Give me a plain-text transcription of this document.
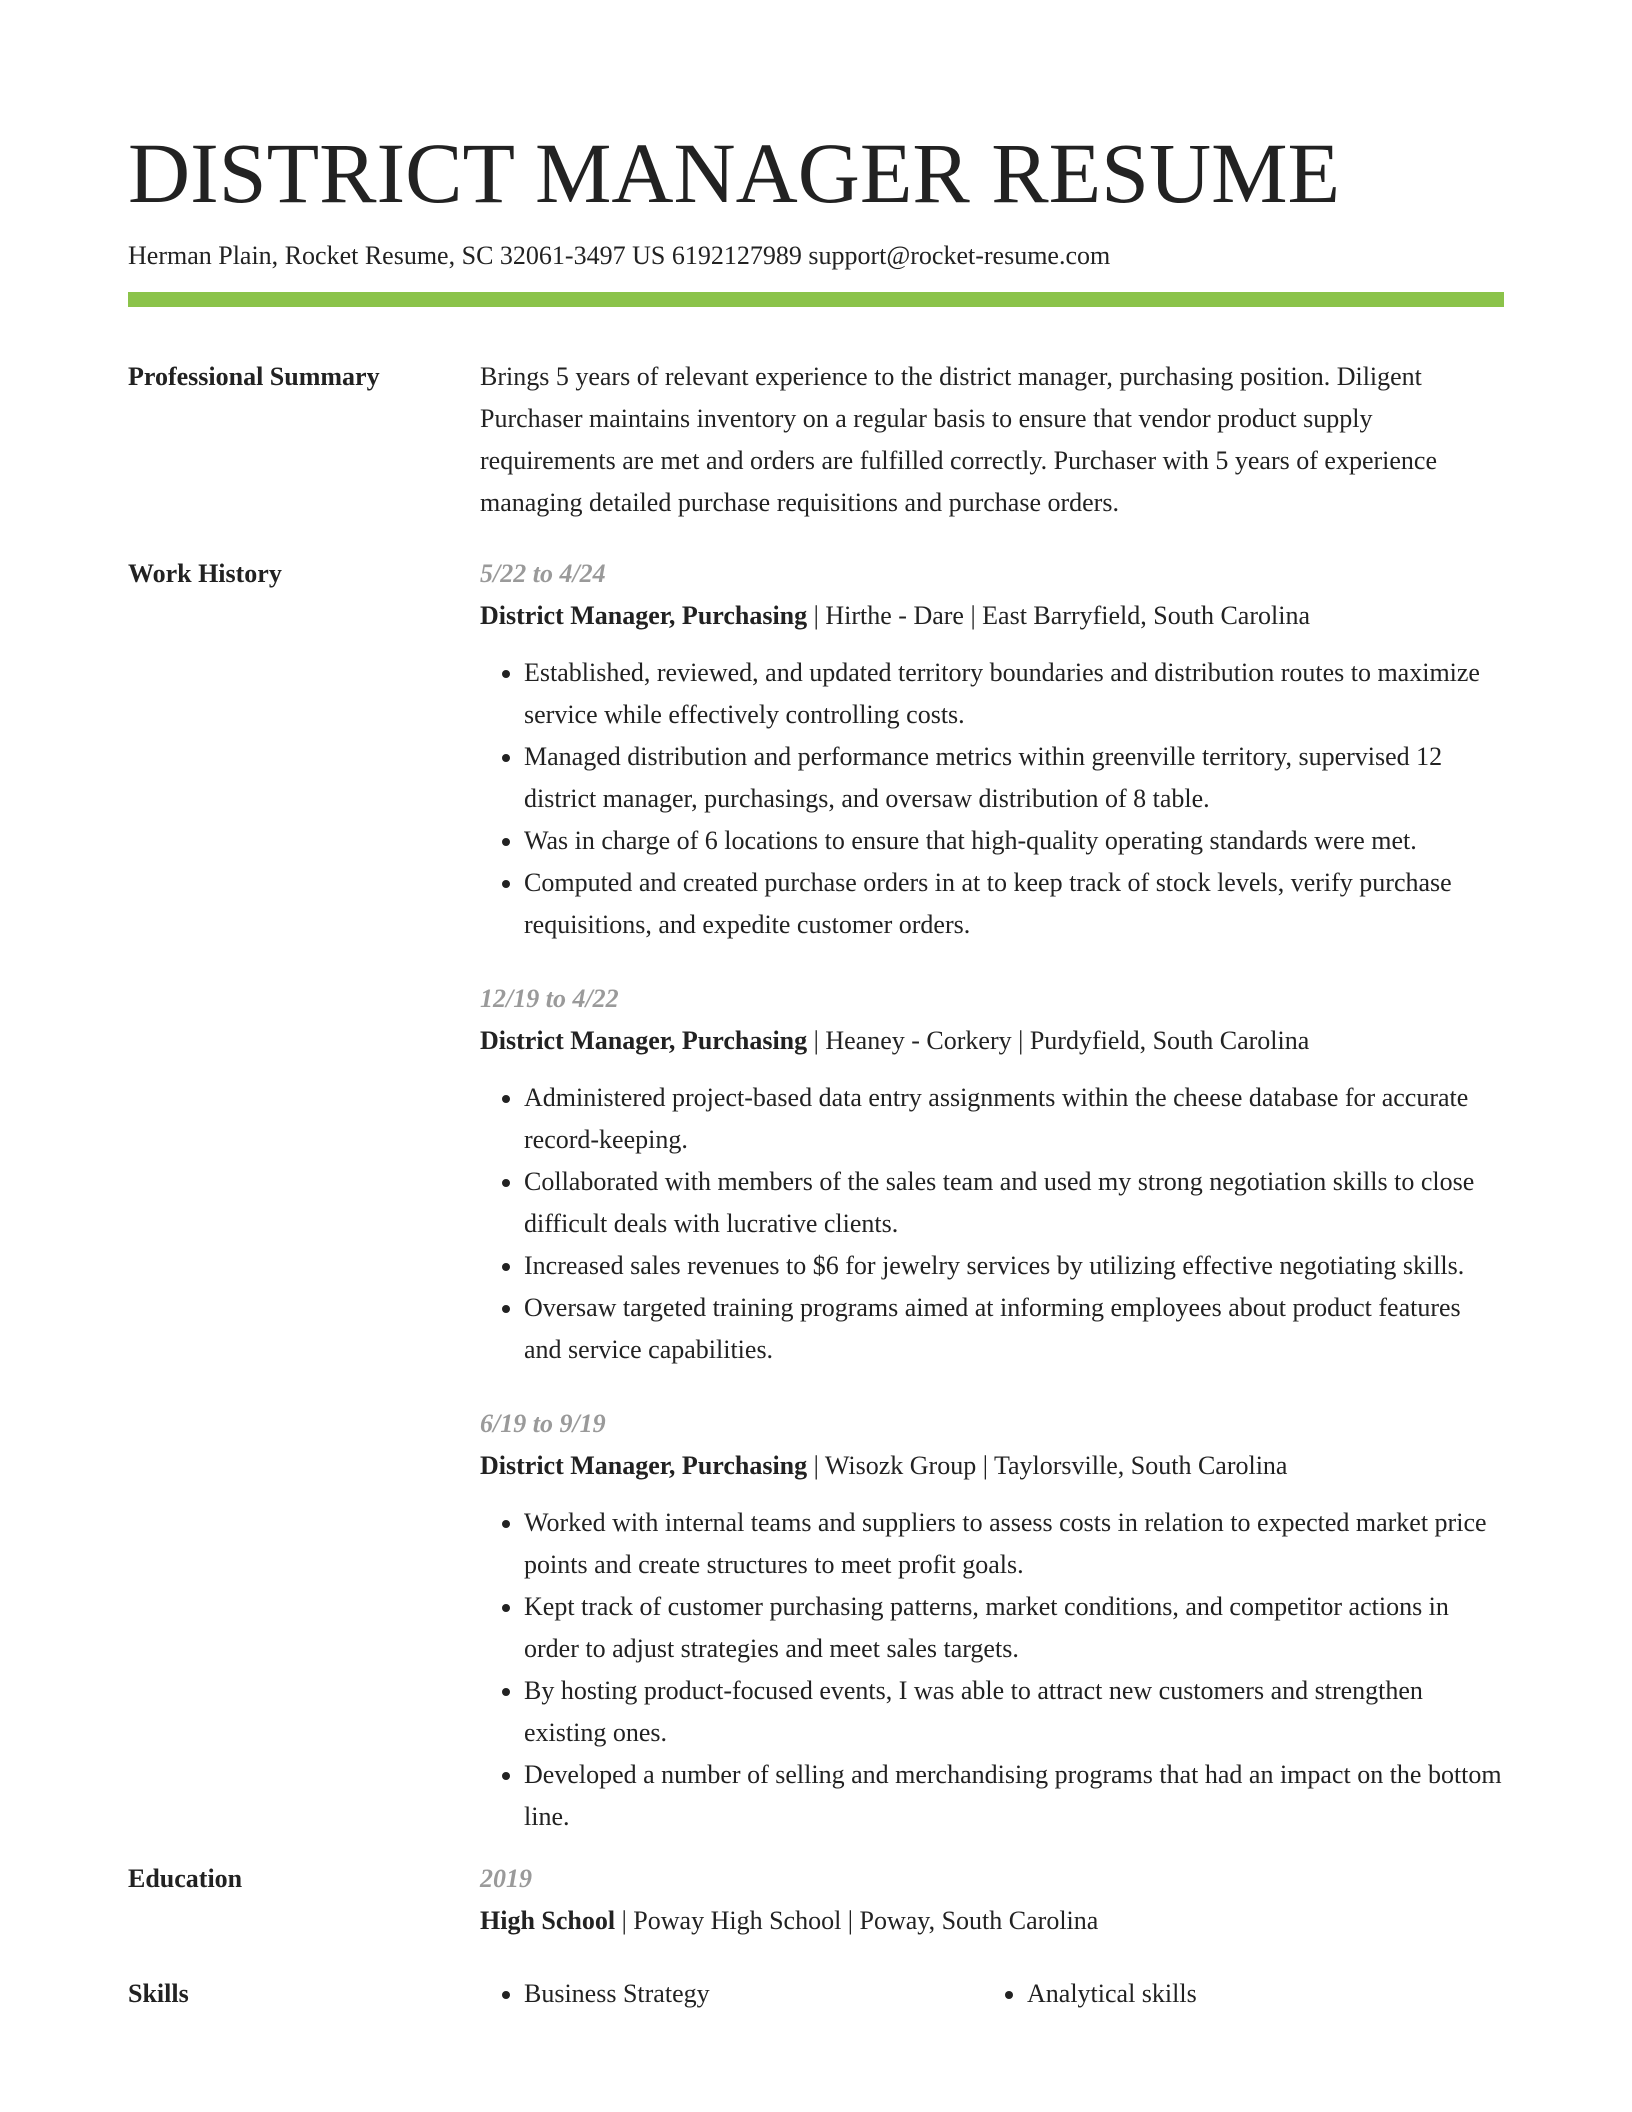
DISTRICT MANAGER RESUME
Herman Plain, Rocket Resume, SC 32061-3497 US 6192127989 support@rocket-resume.com
Professional Summary	Brings 5 years of relevant experience to the district manager, purchasing position. Diligent Purchaser maintains inventory on a regular basis to ensure that vendor product supply requirements are met and orders are fulfilled correctly. Purchaser with 5 years of experience managing detailed purchase requisitions and purchase orders.
Work History	5/22 to 4/24
District Manager, Purchasing | Hirthe - Dare | East Barryfield, South Carolina
• Established, reviewed, and updated territory boundaries and distribution routes to maximize service while effectively controlling costs.
• Managed distribution and performance metrics within greenville territory, supervised 12 district manager, purchasings, and oversaw distribution of 8 table.
• Was in charge of 6 locations to ensure that high-quality operating standards were met.
• Computed and created purchase orders in at to keep track of stock levels, verify purchase requisitions, and expedite customer orders.
12/19 to 4/22
District Manager, Purchasing | Heaney - Corkery | Purdyfield, South Carolina
• Administered project-based data entry assignments within the cheese database for accurate record-keeping.
• Collaborated with members of the sales team and used my strong negotiation skills to close difficult deals with lucrative clients.
• Increased sales revenues to $6 for jewelry services by utilizing effective negotiating skills.
• Oversaw targeted training programs aimed at informing employees about product features and service capabilities.
6/19 to 9/19
District Manager, Purchasing | Wisozk Group | Taylorsville, South Carolina
• Worked with internal teams and suppliers to assess costs in relation to expected market price points and create structures to meet profit goals.
• Kept track of customer purchasing patterns, market conditions, and competitor actions in order to adjust strategies and meet sales targets.
• By hosting product-focused events, I was able to attract new customers and strengthen existing ones.
• Developed a number of selling and merchandising programs that had an impact on the bottom line.
Education	2019
High School | Poway High School | Poway, South Carolina
Skills	• Business Strategy	• Analytical skills
